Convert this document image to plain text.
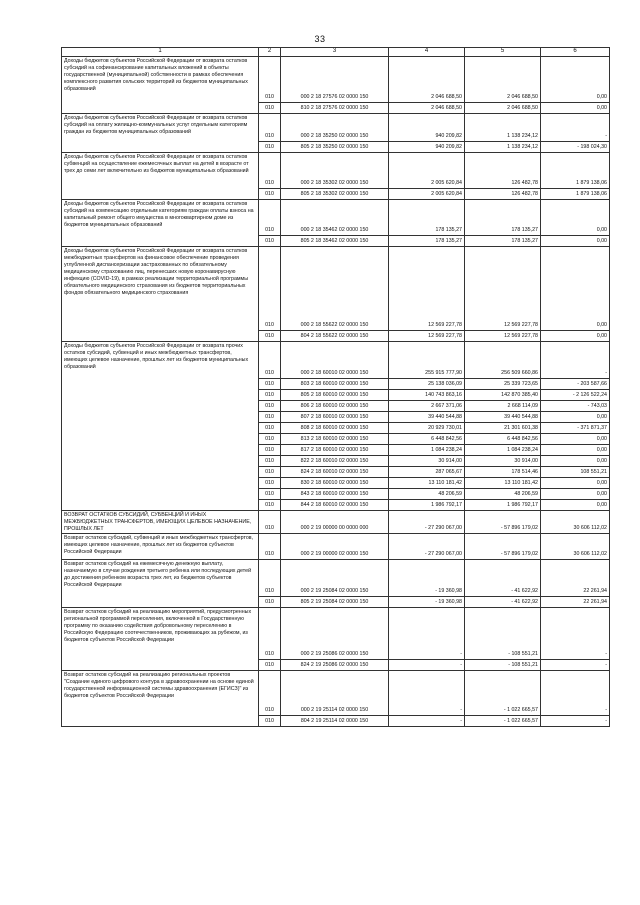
33
1	2	3	4	5	6
Доходы бюджетов субъектов Российской Федерации от возврата остатков субсидий на софинансирование капитальных вложений в объекты государственной (муниципальной) собственности в рамках обеспечения комплексного развития сельских территорий из бюджетов муниципальных образований	010	000 2 18 27576 02 0000 150	2 046 688,50	2 046 688,50	0,00
	010	810 2 18 27576 02 0000 150	2 046 688,50	2 046 688,50	0,00
Доходы бюджетов субъектов Российской Федерации от возврата остатков субсидий на оплату жилищно-коммунальных услуг отдельным категориям граждан из бюджетов муниципальных образований	010	000 2 18 35250 02 0000 150	940 209,82	1 138 234,12	-
	010	805 2 18 35250 02 0000 150	940 209,82	1 138 234,12	- 198 024,30
Доходы бюджетов субъектов Российской Федерации от возврата остатков субвенций на осуществление ежемесячных выплат на детей в возрасте от трех до семи лет включительно из бюджетов муниципальных образований	010	000 2 18 35302 02 0000 150	2 005 620,84	126 482,78	1 879 138,06
	010	805 2 18 35302 02 0000 150	2 005 620,84	126 482,78	1 879 138,06
Доходы бюджетов субъектов Российской Федерации от возврата остатков субсидий на компенсацию отдельным категориям граждан оплаты взноса на капитальный ремонт общего имущества в многоквартирном доме из бюджетов муниципальных образований	010	000 2 18 35462 02 0000 150	178 135,27	178 135,27	0,00
	010	805 2 18 35462 02 0000 150	178 135,27	178 135,27	0,00
Доходы бюджетов субъектов Российской Федерации от возврата остатков межбюджетных трансфертов на финансовое обеспечение проведения углубленной диспансеризации застрахованных по обязательному медицинскому страхованию лиц, перенесших новую коронавирусную инфекцию (COVID-19), в рамках реализации территориальной программы обязательного медицинского страхования из бюджетов территориальных фондов обязательного медицинского страхования	010	000 2 18 55622 02 0000 150	12 569 227,78	12 569 227,78	0,00
	010	804 2 18 55622 02 0000 150	12 569 227,78	12 569 227,78	0,00
Доходы бюджетов субъектов Российской Федерации от возврата прочих остатков субсидий, субвенций и иных межбюджетных трансфертов, имеющих целевое назначение, прошлых лет из бюджетов муниципальных образований	010	000 2 18 60010 02 0000 150	255 915 777,90	256 509 660,86	-
	010	803 2 18 60010 02 0000 150	25 138 036,09	25 339 723,65	- 203 587,66
	010	805 2 18 60010 02 0000 150	140 743 863,16	142 870 385,40	- 2 126 522,24
	010	806 2 18 60010 02 0000 150	2 667 371,06	2 668 114,09	- 743,03
	010	807 2 18 60010 02 0000 150	39 440 544,88	39 440 544,88	0,00
	010	808 2 18 60010 02 0000 150	20 929 730,01	21 301 601,38	- 371 871,37
	010	813 2 18 60010 02 0000 150	6 448 842,56	6 448 842,56	0,00
	010	817 2 18 60010 02 0000 150	1 084 238,24	1 084 238,24	0,00
	010	822 2 18 60010 02 0000 150	30 914,00	30 914,00	0,00
	010	824 2 18 60010 02 0000 150	287 065,67	178 514,46	108 551,21
	010	830 2 18 60010 02 0000 150	13 110 181,42	13 110 181,42	0,00
	010	843 2 18 60010 02 0000 150	48 206,59	48 206,59	0,00
	010	844 2 18 60010 02 0000 150	1 986 792,17	1 986 792,17	0,00
ВОЗВРАТ ОСТАТКОВ СУБСИДИЙ, СУБВЕНЦИЙ И ИНЫХ МЕЖБЮДЖЕТНЫХ ТРАНСФЕРТОВ, ИМЕЮЩИХ ЦЕЛЕВОЕ НАЗНАЧЕНИЕ, ПРОШЛЫХ ЛЕТ	010	000 2 19 00000 00 0000 000	- 27 290 067,00	- 57 896 179,02	30 606 112,02
Возврат остатков субсидий, субвенций и иных межбюджетных трансфертов, имеющих целевое назначение, прошлых лет из бюджетов субъектов Российской Федерации	010	000 2 19 00000 02 0000 150	- 27 290 067,00	- 57 896 179,02	30 606 112,02
Возврат остатков субсидий на ежемесячную денежную выплату, назначаемую в случае рождения третьего ребенка или последующих детей до достижения ребенком возраста трех лет, из бюджетов субъектов Российской Федерации	010	000 2 19 25084 02 0000 150	- 19 360,98	- 41 622,92	22 261,94
	010	805 2 19 25084 02 0000 150	- 19 360,98	- 41 622,92	22 261,94
Возврат остатков субсидий на реализацию мероприятий, предусмотренных региональной программой переселения, включенной в Государственную программу по оказанию содействия добровольному переселению в Российскую Федерацию соотечественников, проживающих за рубежом, из бюджетов субъектов Российской Федерации	010	000 2 19 25086 02 0000 150	-	- 108 551,21	-
	010	824 2 19 25086 02 0000 150	-	- 108 551,21	-
Возврат остатков субсидий на реализацию региональных проектов "Создание единого цифрового контура в здравоохранении на основе единой государственной информационной системы здравоохранения (ЕГИСЗ)" из бюджетов субъектов Российской Федерации	010	000 2 19 25114 02 0000 150	-	- 1 022 665,57	-
	010	804 2 19 25114 02 0000 150	-	- 1 022 665,57	-
